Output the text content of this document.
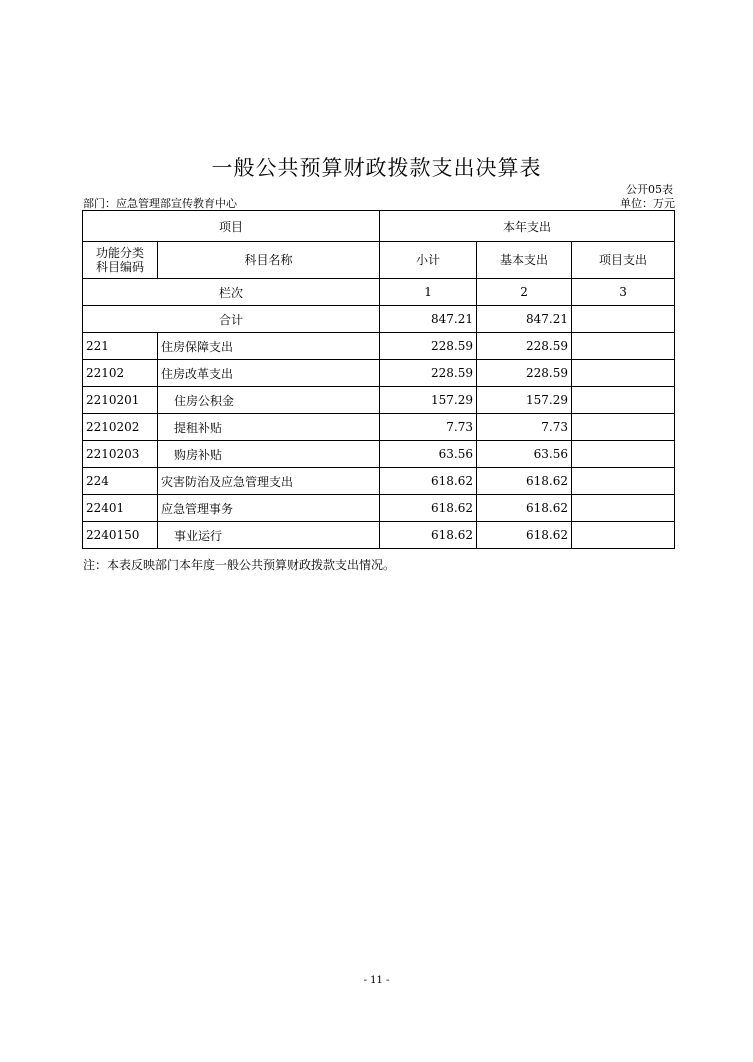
一般公共预算财政拨款支出决算表
公开05表
部门：应急管理部宣传教育中心	单位：万元
项目		本年支出		

功能分类
科目编码	科目名称	小计	基本支出	项目支出
栏次		1	2	3
合计		847.21	847.21	
221	住房保障支出	228.59	228.59	
22102	住房改革支出	228.59	228.59	
2210201	住房公积金	157.29	157.29	
2210202	提租补贴	7.73	7.73	
2210203	购房补贴	63.56	63.56	
224	灾害防治及应急管理支出	618.62	618.62	
22401	应急管理事务	618.62	618.62	
2240150	事业运行	618.62	618.62	
注：本表反映部门本年度一般公共预算财政拨款支出情况。
- 11 -
